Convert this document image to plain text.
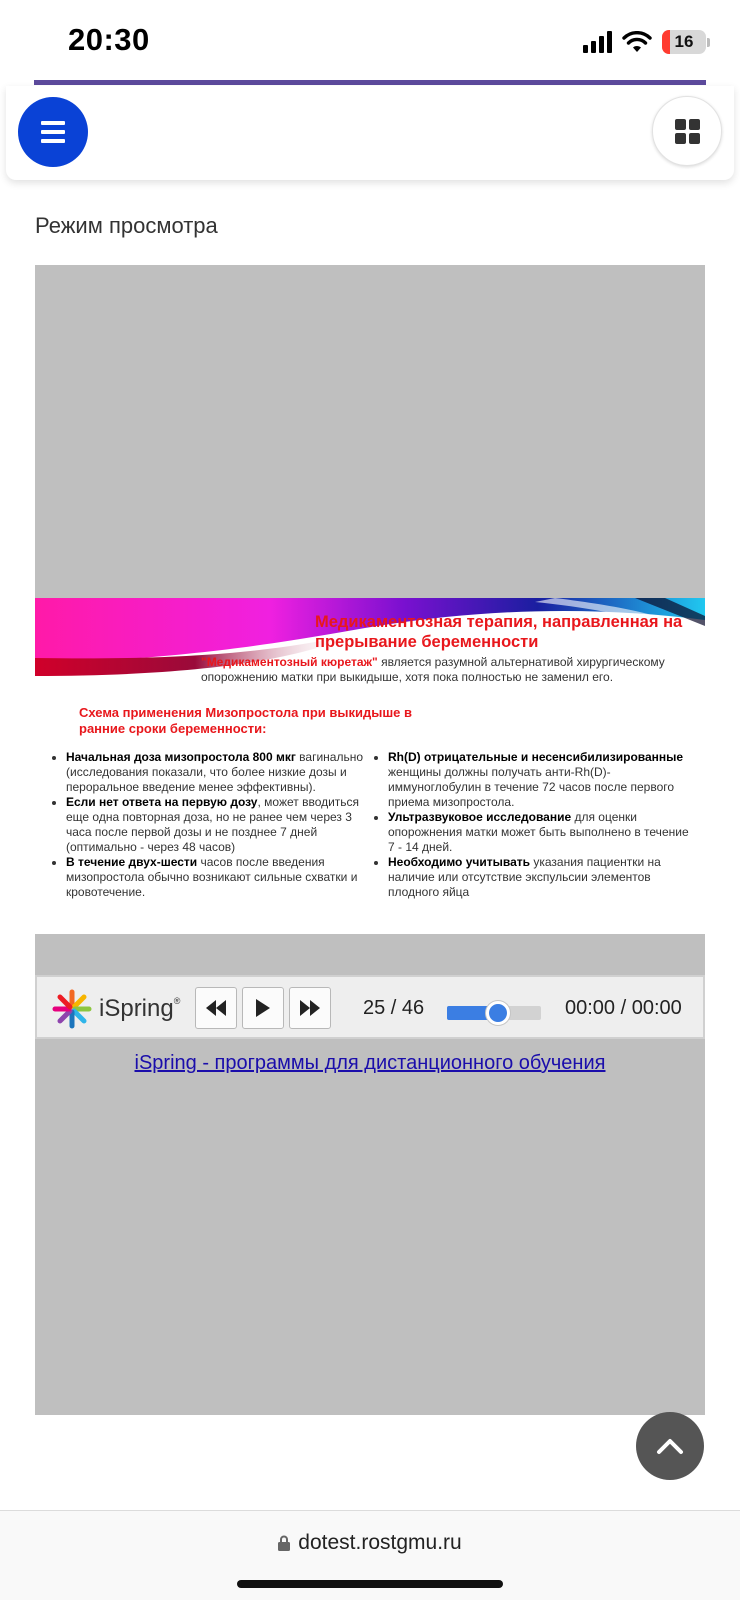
20:30	16
Режим просмотра
Медикаментозная терапия, направленная на прерывание беременности
"Медикаментозный кюретаж" является разумной альтернативой хирургическому опорожнению матки при выкидыше, хотя пока полностью не заменил его.
Схема применения Мизопростола при выкидыше в ранние сроки беременности:
• Начальная доза мизопростола 800 мкг вагинально (исследования показали, что более низкие дозы и пероральное введение менее эффективны).
• Если нет ответа на первую дозу, может вводиться еще одна повторная доза, но не ранее чем через 3 часа после первой дозы и не позднее 7 дней (оптимально - через 48 часов)
• В течение двух-шести часов после введения мизопростола обычно возникают сильные схватки и кровотечение.
• Rh(D) отрицательные и несенсибилизированные женщины должны получать анти-Rh(D)-иммуноглобулин в течение 72 часов после первого приема мизопростола.
• Ультразвуковое исследование для оценки опорожнения матки может быть выполнено в течение 7 - 14 дней.
• Необходимо учитывать указания пациентки на наличие или отсутствие экспульсии элементов плодного яйца
iSpring®	25 / 46	00:00 / 00:00
iSpring - программы для дистанционного обучения
dotest.rostgmu.ru
